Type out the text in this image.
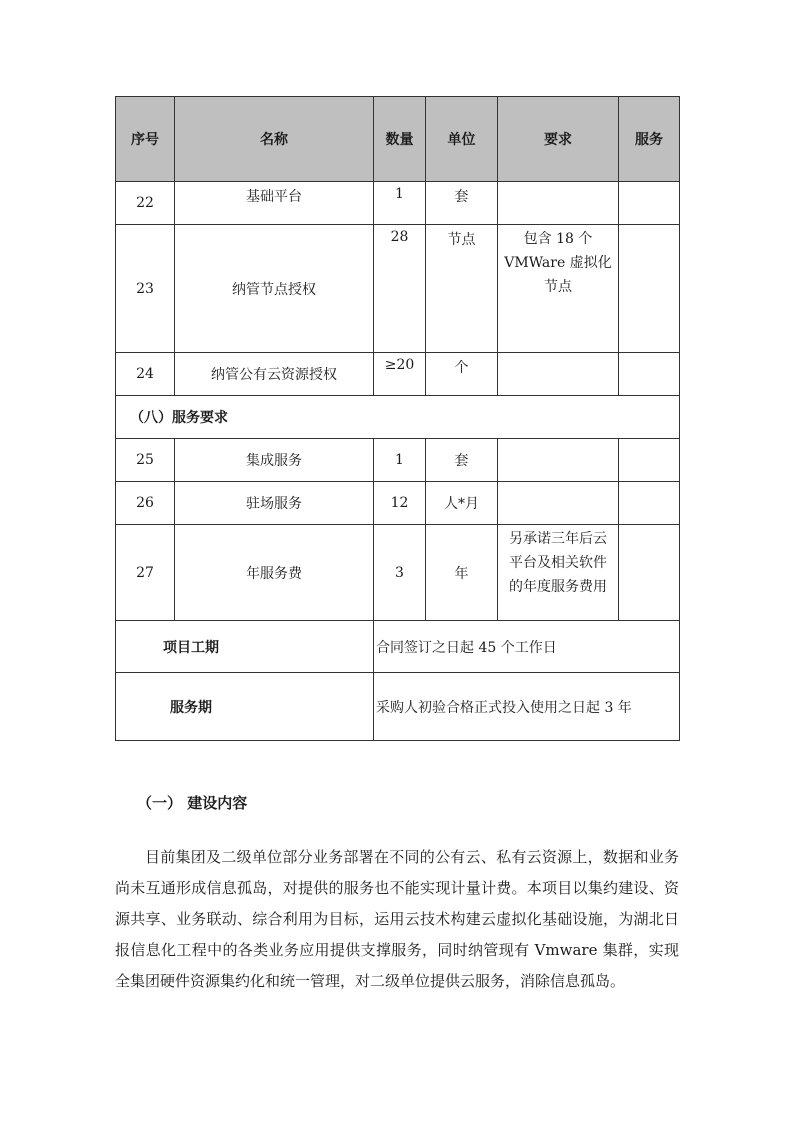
序号	名称	数量	单位	要求	服务
22	基础平台	1	套		
23	纳管节点授权	28	节点	包含 18 个 VMWare 虚拟化节点	
24	纳管公有云资源授权	≥20	个		
（八）服务要求					
25	集成服务	1	套		
26	驻场服务	12	人*月		
27	年服务费	3	年	另承诺三年后云平台及相关软件的年度服务费用	
项目工期		合同签订之日起 45 个工作日			
服务期		采购人初验合格正式投入使用之日起 3 年			
（一） 建设内容

目前集团及二级单位部分业务部署在不同的公有云、私有云资源上，数据和业务尚未互通形成信息孤岛，对提供的服务也不能实现计量计费。本项目以集约建设、资源共享、业务联动、综合利用为目标，运用云技术构建云虚拟化基础设施，为湖北日报信息化工程中的各类业务应用提供支撑服务，同时纳管现有 Vmware 集群，实现全集团硬件资源集约化和统一管理，对二级单位提供云服务，消除信息孤岛。
